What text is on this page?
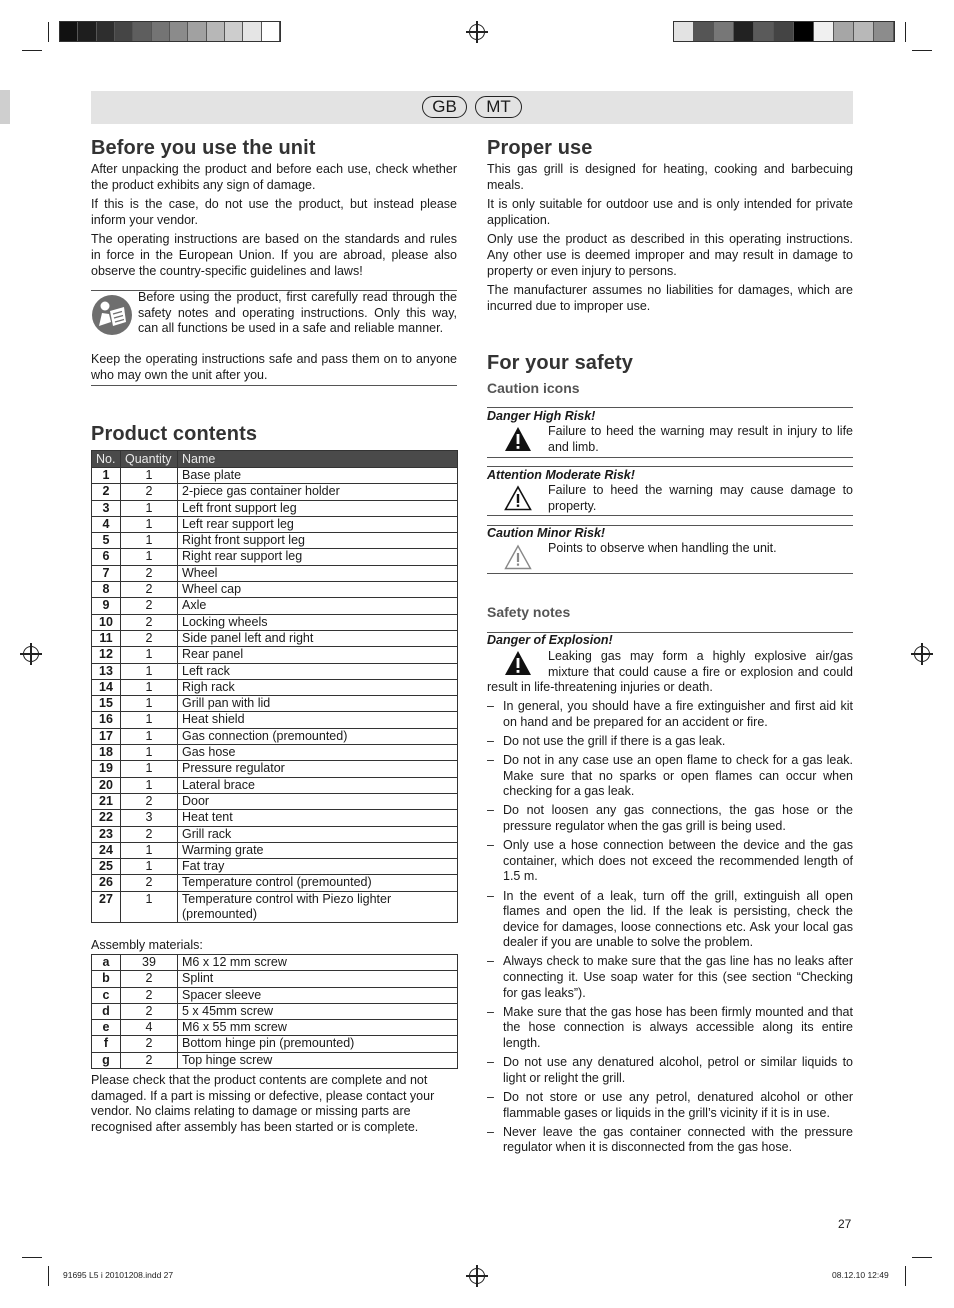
GB	MT
Before you use the unit

After unpacking the product and before each use, check whether the product exhibits any sign of damage.

If this is the case, do not use the product, but instead please inform your vendor.

The operating instructions are based on the standards and rules in force in the European Union. If you are abroad, please also observe the country-specific guidelines and laws!

Before using the product, first carefully read through the safety notes and operating instructions. Only this way, can all functions be used in a safe and reliable manner.
Keep the operating instructions safe and pass them on to anyone who may own the unit after you.
Product contents
No.	Quantity	Name
1	1	Base plate
2	2	2-piece gas container holder
3	1	Left front support leg
4	1	Left rear support leg
5	1	Right front support leg
6	1	Right rear support leg
7	2	Wheel
8	2	Wheel cap
9	2	Axle
10	2	Locking wheels
11	2	Side panel left and right
12	1	Rear panel
13	1	Left rack
14	1	Righ rack
15	1	Grill pan with lid
16	1	Heat shield
17	1	Gas connection (premounted)
18	1	Gas hose
19	1	Pressure regulator
20	1	Lateral brace
21	2	Door
22	3	Heat tent
23	2	Grill rack
24	1	Warming grate
25	1	Fat tray
26	2	Temperature control (premounted)
27	1	Temperature control with Piezo lighter (premounted)
Assembly materials:
a	39	M6 x 12 mm screw
b	2	Splint
c	2	Spacer sleeve
d	2	5 x 45mm screw
e	4	M6 x 55 mm screw
f	2	Bottom hinge pin (premounted)
g	2	Top hinge screw
Please check that the product contents are complete and not damaged. If a part is missing or defective, please contact your vendor. No claims relating to damage or missing parts are recognised after assembly has been started or is complete.
Proper use

This gas grill is designed for heating, cooking and barbecuing meals.

It is only suitable for outdoor use and is only intended for private application.

Only use the product as described in this operating instructions. Any other use is deemed improper and may result in damage to property or even injury to persons.

The manufacturer assumes no liabilities for damages, which are incurred due to improper use.

For your safety
Caution icons
Danger High Risk!
Failure to heed the warning may result in injury to life and limb.
Attention Moderate Risk!
Failure to heed the warning may cause damage to property.
Caution Minor Risk!
Points to observe when handling the unit.
Safety notes
Danger of Explosion!
Leaking gas may form a highly explosive air/gas mixture that could cause a fire or explosion and could result in life-threatening injuries or death.
– In general, you should have a fire extinguisher and first aid kit on hand and be prepared for an accident or fire.
– Do not use the grill if there is a gas leak.
– Do not in any case use an open flame to check for a gas leak. Make sure that no sparks or open flames can occur when checking for a gas leak.
– Do not loosen any gas connections, the gas hose or the pressure regulator when the gas grill is being used.
– Only use a hose connection between the device and the gas container, which does not exceed the recommended length of 1.5 m.
– In the event of a leak, turn off the grill, extinguish all open flames and open the lid. If the leak is persisting, check the device for damages, loose connections etc. Ask your local gas dealer if you are unable to solve the problem.
– Always check to make sure that the gas line has no leaks after connecting it. Use soap water for this (see section “Checking for gas leaks”).
– Make sure that the gas hose has been firmly mounted and that the hose connection is always accessible along its entire length.
– Do not use any denatured alcohol, petrol or similar liquids to light or relight the grill.
– Do not store or use any petrol, denatured alcohol or other flammable gases or liquids in the grill’s vicinity if it is in use.
– Never leave the gas container connected with the pressure regulator when it is disconnected from the gas hose.
27
91695 L5 i 20101208.indd 27	08.12.10 12:49
